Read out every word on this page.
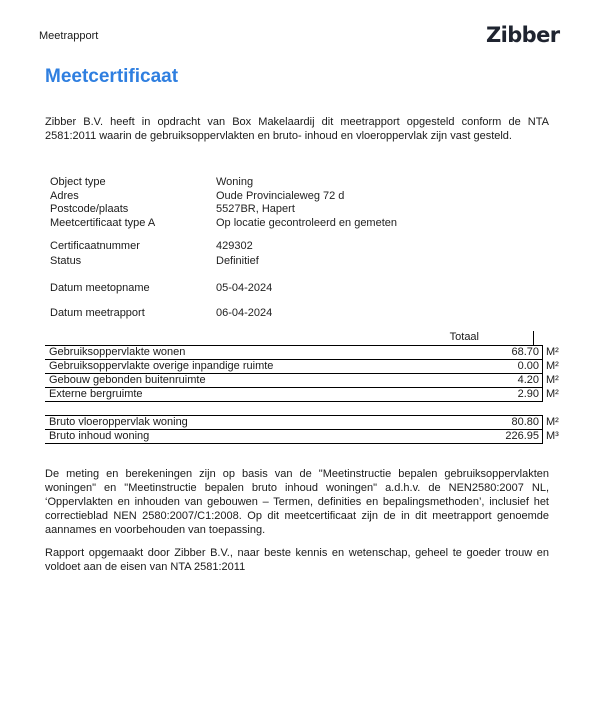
Meetrapport	Zibber
Meetcertificaat
Zibber B.V. heeft in opdracht van Box Makelaardij dit meetrapport opgesteld conform de NTA 2581:2011 waarin de gebruiksoppervlakten en bruto- inhoud en vloeroppervlak zijn vast gesteld.
Object type	Woning
Adres	Oude Provincialeweg 72 d
Postcode/plaats	5527BR, Hapert
Meetcertificaat type A	Op locatie gecontroleerd en gemeten
Certificaatnummer	429302
Status	Definitief
Datum meetopname	05-04-2024
Datum meetrapport	06-04-2024
Totaal
Gebruiksoppervlakte wonen	68.70	M²
Gebruiksoppervlakte overige inpandige ruimte	0.00	M²
Gebouw gebonden buitenruimte	4.20	M²
Externe bergruimte	2.90	M²
Bruto vloeroppervlak woning	80.80	M²
Bruto inhoud woning	226.95	M³
De meting en berekeningen zijn op basis van de "Meetinstructie bepalen gebruiksoppervlakten woningen" en "Meetinstructie bepalen bruto inhoud woningen" a.d.h.v. de NEN2580:2007 NL, ‘Oppervlakten en inhouden van gebouwen – Termen, definities en bepalingsmethoden’, inclusief het correctieblad NEN 2580:2007/C1:2008. Op dit meetcertificaat zijn de in dit meetrapport genoemde aannames en voorbehouden van toepassing.
Rapport opgemaakt door Zibber B.V., naar beste kennis en wetenschap, geheel te goeder trouw en voldoet aan de eisen van NTA 2581:2011
